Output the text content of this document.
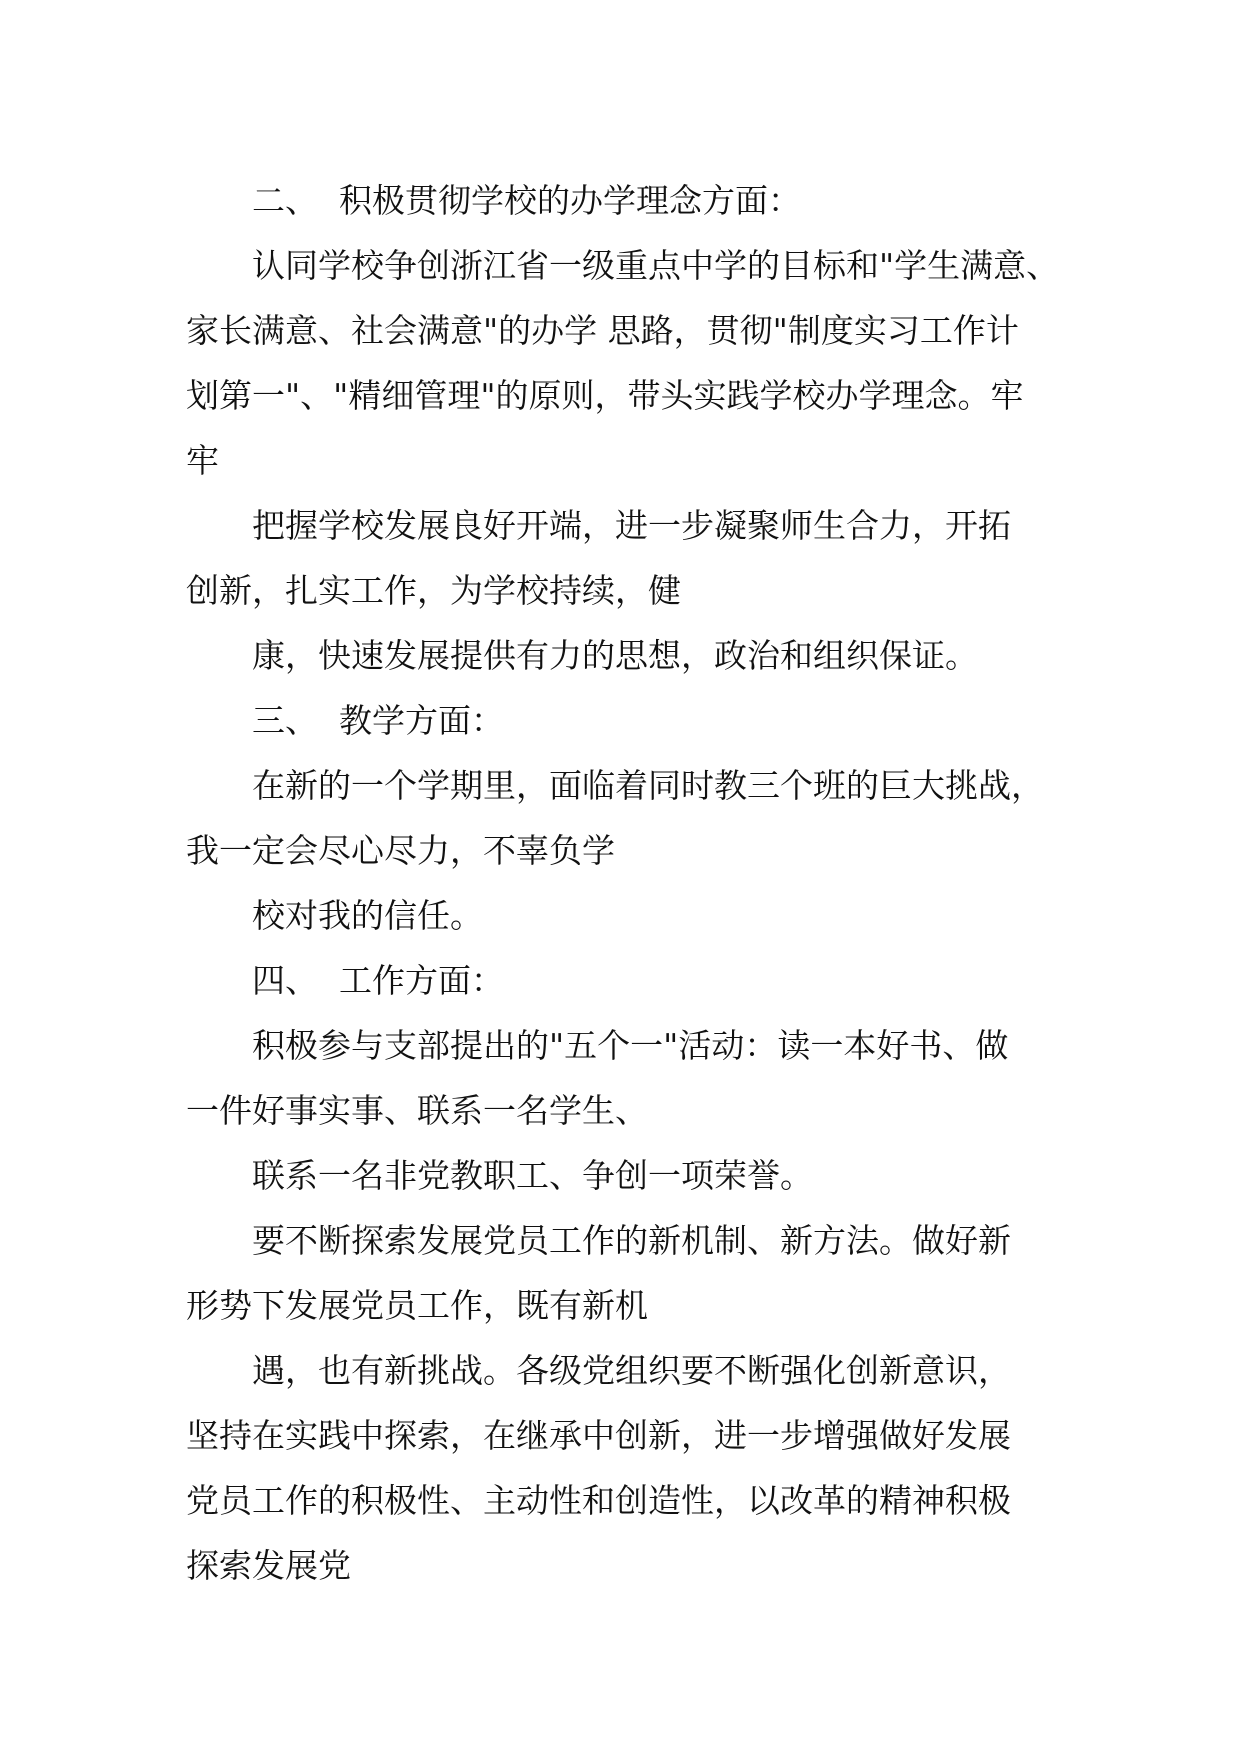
二、  积极贯彻学校的办学理念方面：
认同学校争创浙江省一级重点中学的目标和"学生满意、
家长满意、社会满意"的办学 思路，贯彻"制度实习工作计
划第一"、"精细管理"的原则，带头实践学校办学理念。牢
牢
把握学校发展良好开端，进一步凝聚师生合力，开拓
创新，扎实工作，为学校持续，健
康，快速发展提供有力的思想，政治和组织保证。
三、  教学方面：
在新的一个学期里，面临着同时教三个班的巨大挑战，
我一定会尽心尽力，不辜负学
校对我的信任。
四、  工作方面：
积极参与支部提出的"五个一"活动：读一本好书、做
一件好事实事、联系一名学生、
联系一名非党教职工、争创一项荣誉。
要不断探索发展党员工作的新机制、新方法。做好新
形势下发展党员工作，既有新机
遇，也有新挑战。各级党组织要不断强化创新意识，
坚持在实践中探索，在继承中创新，进一步增强做好发展
党员工作的积极性、主动性和创造性，以改革的精神积极
探索发展党
